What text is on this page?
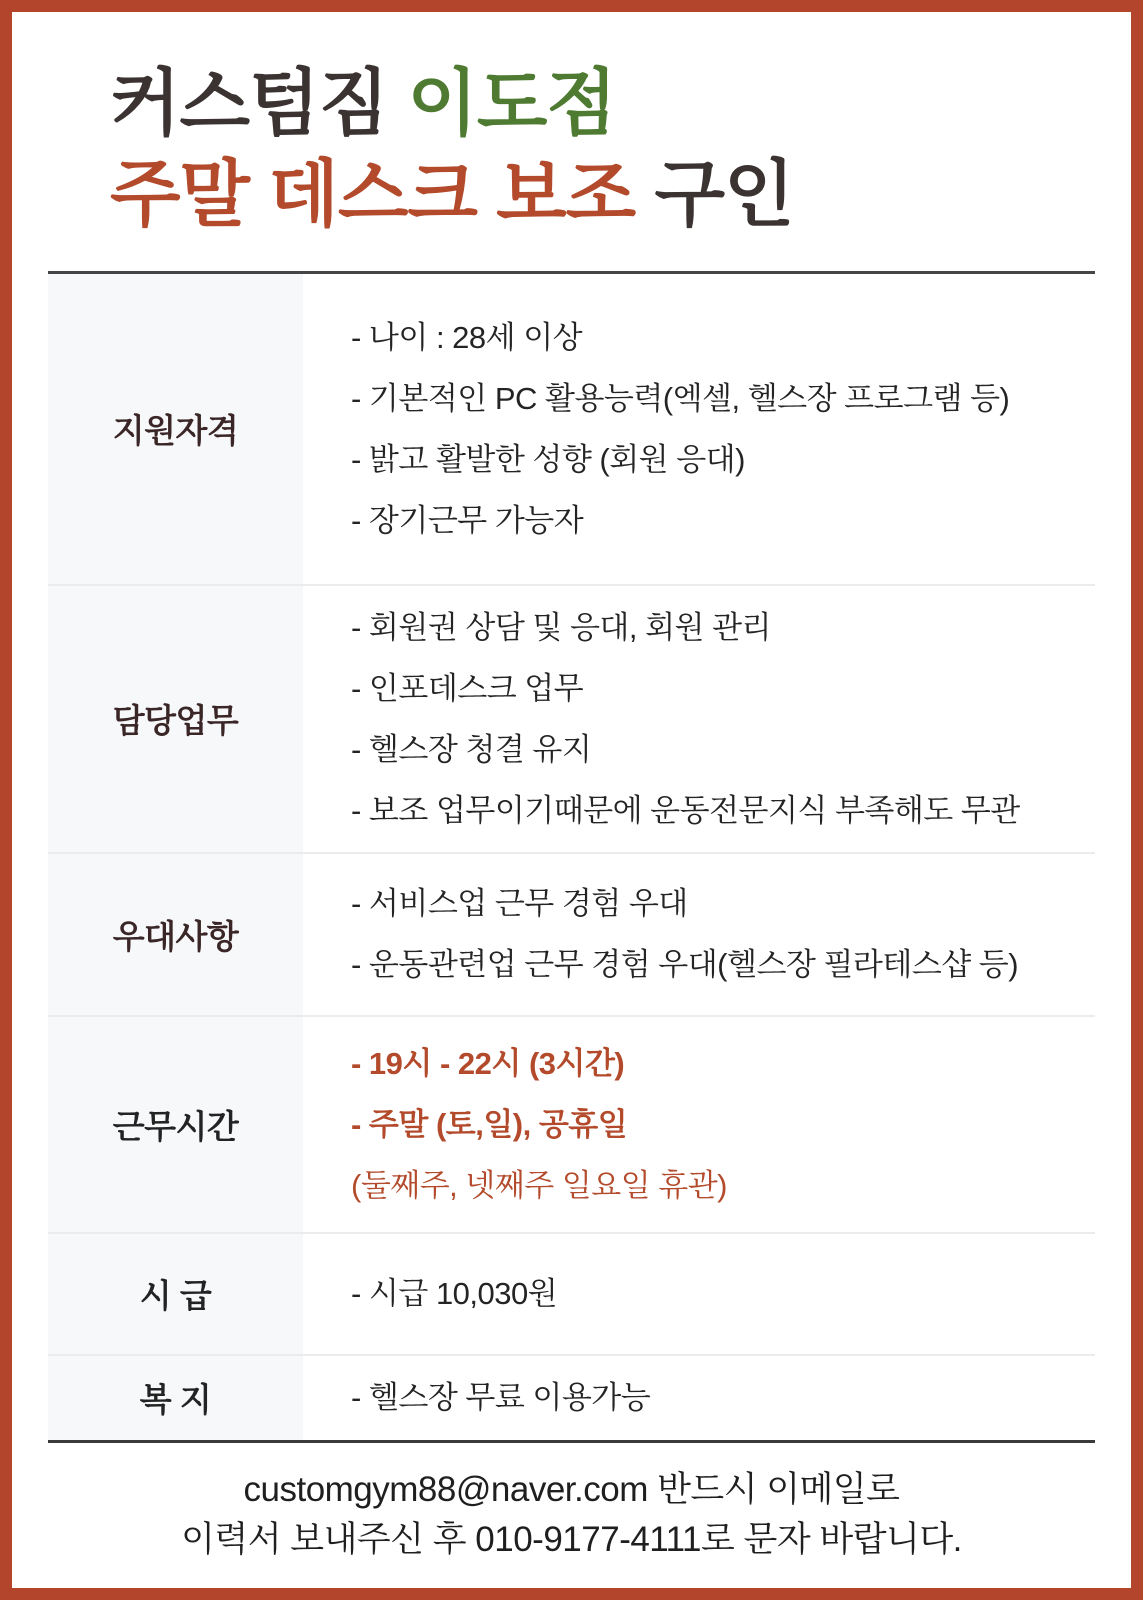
커스텀짐 이도점
주말 데스크 보조 구인
지원자격
- 나이 : 28세 이상
- 기본적인 PC 활용능력(엑셀, 헬스장 프로그램 등)
- 밝고 활발한 성향 (회원 응대)
- 장기근무 가능자
담당업무
- 회원권 상담 및 응대, 회원 관리
- 인포데스크 업무
- 헬스장 청결 유지
- 보조 업무이기때문에 운동전문지식 부족해도 무관
우대사항
- 서비스업 근무 경험 우대
- 운동관련업 근무 경험 우대(헬스장 필라테스샵 등)
근무시간
- 19시 - 22시 (3시간)
- 주말 (토,일), 공휴일
(둘째주, 넷째주 일요일 휴관)
시 급	- 시급 10,030원
복 지	- 헬스장 무료 이용가능
customgym88@naver.com 반드시 이메일로
이력서 보내주신 후 010-9177-4111로 문자 바랍니다.
